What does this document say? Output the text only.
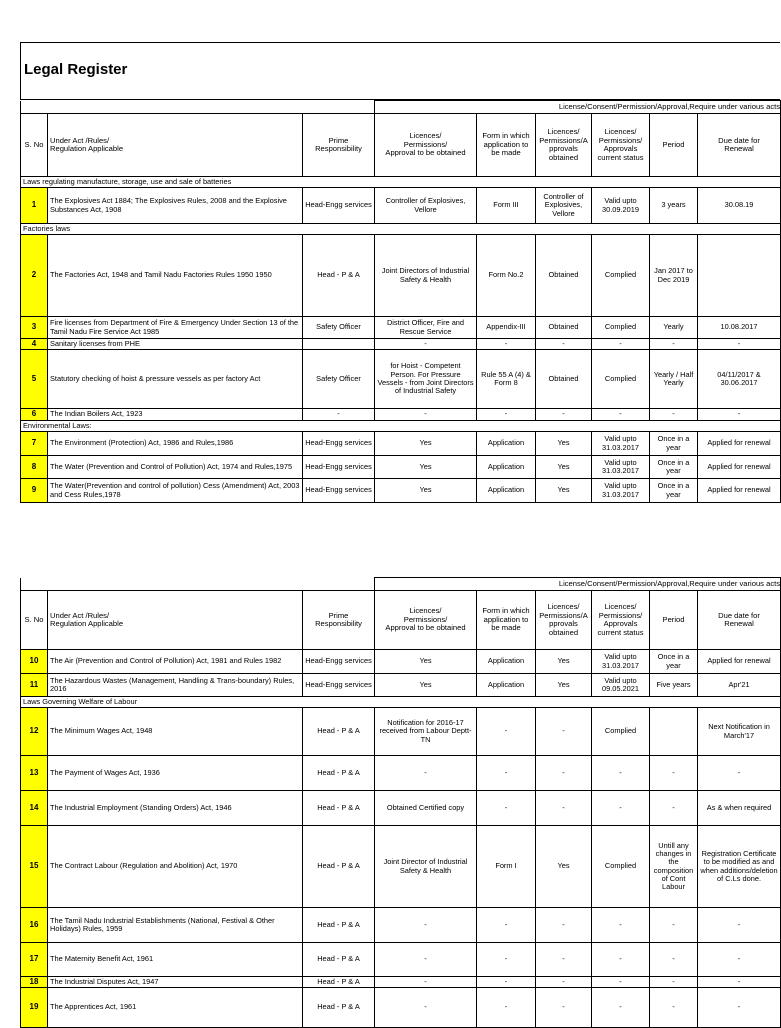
Legal Register
			License/Consent/Permission/Approval,Require under various acts					
S. No	Under Act /Rules/
Regulation Applicable	Prime
Responsibility	Licences/
Permissions/
Approval to be obtained	Form in which
application to
be made	Licences/
Permissions/A
pprovals
obtained	Licences/
Permissions/
Approvals
current status	Period	Due date for
Renewal
Laws regulating manufacture, storage, use and sale of batteries								
1	The Explosives Act 1884; The Explosives Rules, 2008 and the Explosive Substances Act, 1908	Head-Engg services	Controller of Explosives, Vellore	Form III	Controller of Explosives, Vellore	Valid upto 30.09.2019	3 years	30.08.19
Factories laws								
2	The Factories Act, 1948 and Tamil Nadu Factories Rules 1950 1950	Head - P & A	Joint Directors of Industrial Safety & Health	Form No.2	Obtained	Complied	Jan 2017 to Dec 2019	
3	Fire licenses from Department of Fire & Emergency Under Section 13 of the Tamil Nadu Fire Service Act 1985	Safety Officer	District Officer, Fire and Rescue Service	Appendix-III	Obtained	Complied	Yearly	10.08.2017
4	Sanitary licenses from PHE		-	-	-	-	-	-
5	Statutory checking of hoist & pressure vessels as per factory Act	Safety Officer	for Hoist - Competent Person. For Pressure Vessels - from Joint Directors of Industrial Safety	Rule 55 A (4) & Form 8	Obtained	Complied	Yearly / Half Yearly	04/11/2017 & 30.06.2017
6	The Indian Boilers Act, 1923	-	-	-	-	-	-	-
Environmental Laws:								
7	The Environment (Protection) Act, 1986 and Rules,1986	Head-Engg services	Yes	Application	Yes	Valid upto 31.03.2017	Once in a year	Applied for renewal
8	The Water (Prevention and Control of Pollution) Act, 1974 and Rules,1975	Head-Engg services	Yes	Application	Yes	Valid upto 31.03.2017	Once in a year	Applied for renewal
9	The Water(Prevention and control of pollution) Cess (Amendment) Act, 2003 and Cess Rules,1978	Head-Engg services	Yes	Application	Yes	Valid upto 31.03.2017	Once in a year	Applied for renewal
			License/Consent/Permission/Approval,Require under various acts					
S. No	Under Act /Rules/
Regulation Applicable	Prime
Responsibility	Licences/
Permissions/
Approval to be obtained	Form in which
application to
be made	Licences/
Permissions/A
pprovals
obtained	Licences/
Permissions/
Approvals
current status	Period	Due date for
Renewal
10	The Air (Prevention and Control of Pollution) Act, 1981 and Rules 1982	Head-Engg services	Yes	Application	Yes	Valid upto 31.03.2017	Once in a year	Applied for renewal
11	The Hazardous Wastes (Management, Handling & Trans-boundary) Rules, 2016	Head-Engg services	Yes	Application	Yes	Valid upto 09.05.2021	Five years	Apr'21
Laws Governing Welfare of Labour								
12	The Minimum Wages Act, 1948	Head - P & A	Notification for 2016-17 received from Labour Deptt-TN	-	-	Complied		Next Notification in March'17
13	The Payment of Wages Act, 1936	Head - P & A	-	-	-	-	-	-
14	The Industrial Employment (Standing Orders) Act, 1946	Head - P & A	Obtained Certified copy	-	-	-	-	As & when required
15	The Contract Labour (Regulation and Abolition) Act, 1970	Head - P & A	Joint Director of Industrial Safety & Health	Form I	Yes	Complied	Untill any changes in the composition of Cont Labour	Registration Certificate to be modified as and when additions/deletion of C.Ls done.
16	The Tamil Nadu Industrial Establishments (National, Festival & Other Holidays) Rules, 1959	Head - P & A	-	-	-	-	-	-
17	The Maternity Benefit Act, 1961	Head - P & A	-	-	-	-	-	-
18	The Industrial Disputes Act, 1947	Head - P & A	-	-	-	-	-	-
19	The Apprentices Act, 1961	Head - P & A	-	-	-	-	-	-
